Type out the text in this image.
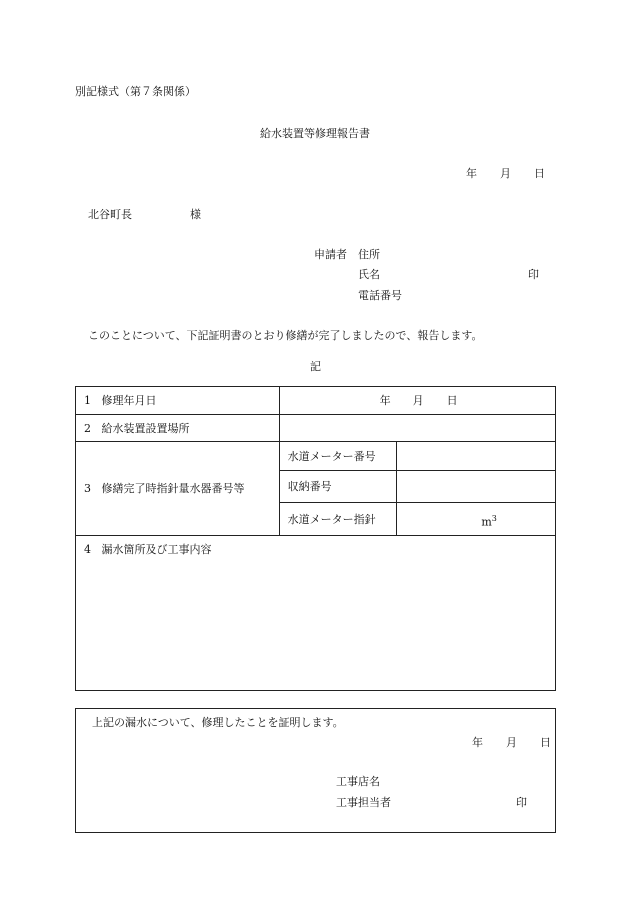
別記様式（第７条関係）
給水装置等修理報告書
年 月 日
北谷町長	様
申請者 住所
氏名	印
電話番号
このことについて、下記証明書のとおり修繕が完了しましたので、報告します。
記
1 修理年月日	年 月 日	

2 給水装置設置場所		
3 修繕完了時指針量水器番号等	水道メーター番号	
	収納番号	
	水道メーター指針	$m^3$

4 漏水箇所及び工事内容		
上記の漏水について、修理したことを証明します。
年 月 日
工事店名
工事担当者	印
